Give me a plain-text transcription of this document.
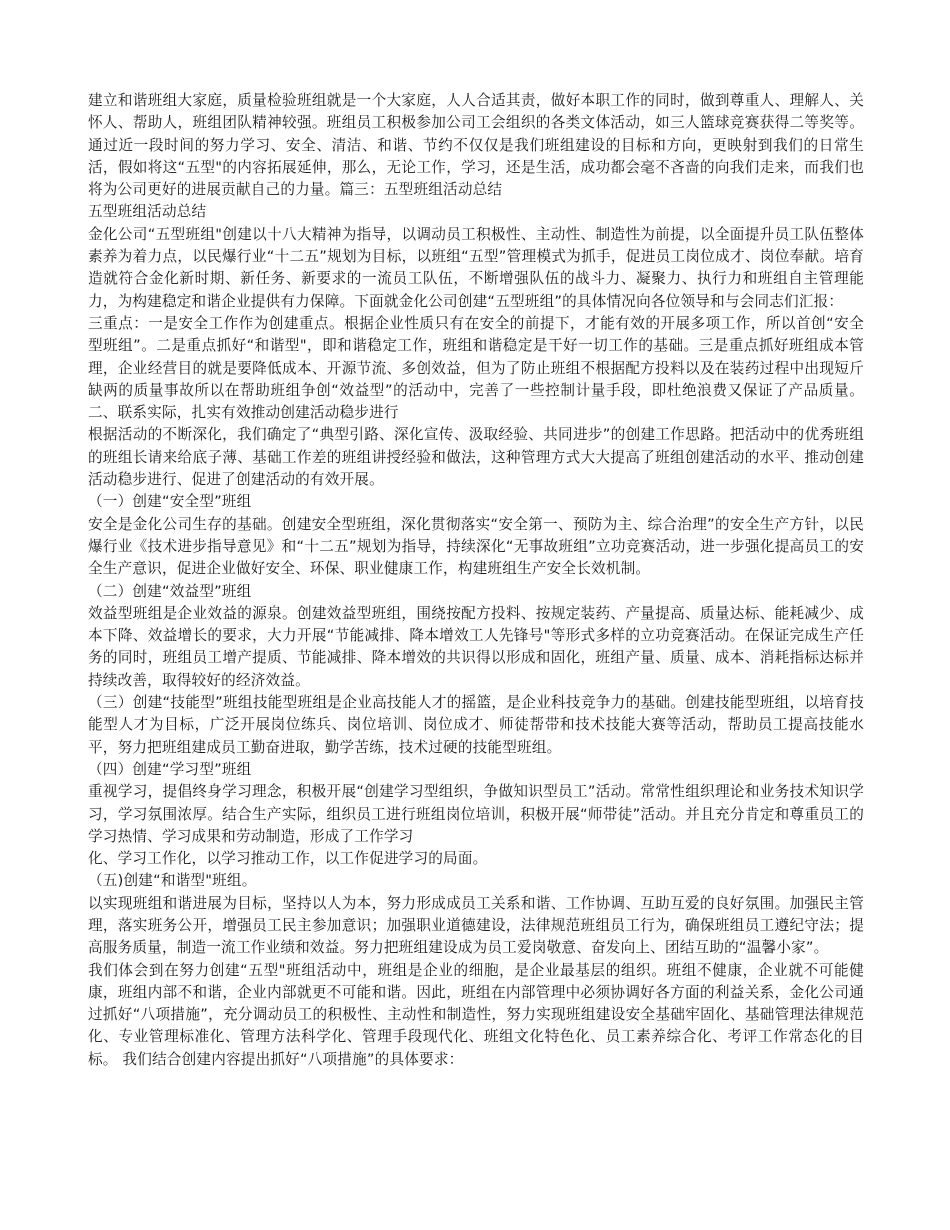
建立和谐班组大家庭，质量检验班组就是一个大家庭，人人合适其责，做好本职工作的同时，做到尊重人、理解人、关怀人、帮助人，班组团队精神较强。班组员工积极参加公司工会组织的各类文体活动，如三人篮球竞赛获得二等奖等。 通过近一段时间的努力学习、安全、清洁、和谐、节约不仅仅是我们班组建设的目标和方向，更映射到我们的日常生活，假如将这“五型"的内容拓展延伸，那么，无论工作，学习，还是生活，成功都会毫不吝啬的向我们走来，而我们也将为公司更好的进展贡献自己的力量。篇三：五型班组活动总结

五型班组活动总结

金化公司“五型班组"创建以十八大精神为指导，以调动员工积极性、主动性、制造性为前提，以全面提升员工队伍整体素养为着力点，以民爆行业“十二五”规划为目标，以班组“五型”管理模式为抓手，促进员工岗位成才、岗位奉献。培育造就符合金化新时期、新任务、新要求的一流员工队伍，不断增强队伍的战斗力、凝聚力、执行力和班组自主管理能力，为构建稳定和谐企业提供有力保障。下面就金化公司创建“五型班组”的具体情况向各位领导和与会同志们汇报：

三重点：一是安全工作作为创建重点。根据企业性质只有在安全的前提下，才能有效的开展多项工作，所以首创“安全型班组”。二是重点抓好“和谐型"，即和谐稳定工作，班组和谐稳定是干好一切工作的基础。三是重点抓好班组成本管理，企业经营目的就是要降低成本、开源节流、多创效益，但为了防止班组不根据配方投料以及在装药过程中出现短斤缺两的质量事故所以在帮助班组争创“效益型”的活动中，完善了一些控制计量手段，即杜绝浪费又保证了产品质量。二、联系实际，扎实有效推动创建活动稳步进行

根据活动的不断深化，我们确定了“典型引路、深化宣传、汲取经验、共同进步”的创建工作思路。把活动中的优秀班组的班组长请来给底子薄、基础工作差的班组讲授经验和做法，这种管理方式大大提高了班组创建活动的水平、推动创建活动稳步进行、促进了创建活动的有效开展。

（一）创建“安全型”班组

安全是金化公司生存的基础。创建安全型班组，深化贯彻落实“安全第一、预防为主、综合治理”的安全生产方针，以民爆行业《技术进步指导意见》和“十二五”规划为指导，持续深化“无事故班组”立功竞赛活动，进一步强化提高员工的安全生产意识，促进企业做好安全、环保、职业健康工作，构建班组生产安全长效机制。

（二）创建“效益型”班组

效益型班组是企业效益的源泉。创建效益型班组，围绕按配方投料、按规定装药、产量提高、质量达标、能耗减少、成本下降、效益增长的要求，大力开展“节能减排、降本增效工人先锋号"等形式多样的立功竞赛活动。在保证完成生产任务的同时，班组员工增产提质、节能减排、降本增效的共识得以形成和固化，班组产量、质量、成本、消耗指标达标并持续改善，取得较好的经济效益。

（三）创建“技能型”班组技能型班组是企业高技能人才的摇篮，是企业科技竞争力的基础。创建技能型班组，以培育技能型人才为目标，广泛开展岗位练兵、岗位培训、岗位成才、师徒帮带和技术技能大赛等活动，帮助员工提高技能水平，努力把班组建成员工勤奋进取，勤学苦练，技术过硬的技能型班组。

（四）创建“学习型”班组

重视学习，提倡终身学习理念，积极开展“创建学习型组织，争做知识型员工”活动。常常性组织理论和业务技术知识学习，学习氛围浓厚。结合生产实际，组织员工进行班组岗位培训，积极开展“师带徒”活动。并且充分肯定和尊重员工的学习热情、学习成果和劳动制造，形成了工作学习

化、学习工作化，以学习推动工作，以工作促进学习的局面。

（五)创建“和谐型"班组。

以实现班组和谐进展为目标，坚持以人为本，努力形成成员工关系和谐、工作协调、互助互爱的良好氛围。加强民主管理，落实班务公开，增强员工民主参加意识；加强职业道德建设，法律规范班组员工行为，确保班组员工遵纪守法；提高服务质量，制造一流工作业绩和效益。努力把班组建设成为员工爱岗敬意、奋发向上、团结互助的“温馨小家”。

我们体会到在努力创建“五型"班组活动中，班组是企业的细胞，是企业最基层的组织。班组不健康，企业就不可能健康，班组内部不和谐，企业内部就更不可能和谐。因此，班组在内部管理中必须协调好各方面的利益关系，金化公司通过抓好“八项措施”，充分调动员工的积极性、主动性和制造性，努力实现班组建设安全基础牢固化、基础管理法律规范化、专业管理标准化、管理方法科学化、管理手段现代化、班组文化特色化、员工素养综合化、考评工作常态化的目标。 我们结合创建内容提出抓好“八项措施”的具体要求：
